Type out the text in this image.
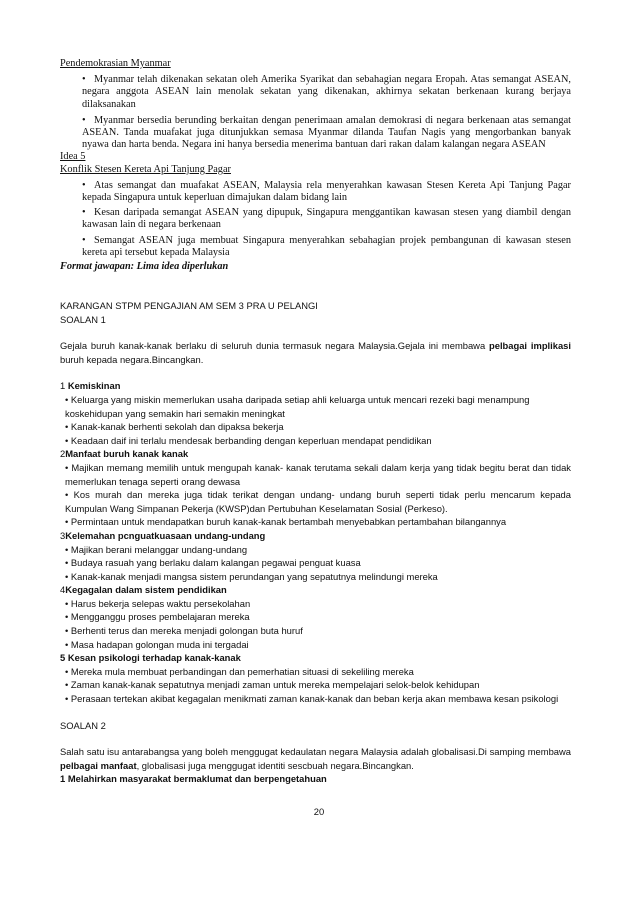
Pendemokrasian Myanmar
• Myanmar telah dikenakan sekatan oleh Amerika Syarikat dan sebahagian negara Eropah. Atas semangat ASEAN, negara anggota ASEAN lain menolak sekatan yang dikenakan, akhirnya sekatan berkenaan kurang berjaya dilaksanakan
• Myanmar bersedia berunding berkaitan dengan penerimaan amalan demokrasi di negara berkenaan atas semangat ASEAN. Tanda muafakat juga ditunjukkan semasa Myanmar dilanda Taufan Nagis yang mengorbankan banyak nyawa dan harta benda. Negara ini hanya bersedia menerima bantuan dari rakan dalam kalangan negara ASEAN
Idea 5
Konflik Stesen Kereta Api Tanjung Pagar
• Atas semangat dan muafakat ASEAN, Malaysia rela menyerahkan kawasan Stesen Kereta Api Tanjung Pagar kepada Singapura untuk keperluan dimajukan dalam bidang lain
• Kesan daripada semangat ASEAN yang dipupuk, Singapura menggantikan kawasan stesen yang diambil dengan kawasan lain di negara berkenaan
• Semangat ASEAN juga membuat Singapura menyerahkan sebahagian projek pembangunan di kawasan stesen kereta api tersebut kepada Malaysia
Format jawapan: Lima idea diperlukan
KARANGAN STPM PENGAJIAN AM SEM 3 PRA U PELANGI
SOALAN 1
Gejala buruh kanak-kanak berlaku di seluruh dunia termasuk negara Malaysia.Gejala ini membawa pelbagai implikasi buruh kepada negara.Bincangkan.
1 Kemiskinan
• Keluarga yang miskin memerlukan usaha daripada setiap ahli keluarga untuk mencari rezeki bagi menampung koskehidupan yang semakin hari semakin meningkat
• Kanak-kanak berhenti sekolah dan dipaksa bekerja
• Keadaan daif ini terlalu mendesak berbanding dengan keperluan mendapat pendidikan
2Manfaat buruh kanak kanak
• Majikan memang memilih untuk mengupah kanak- kanak terutama sekali dalam kerja yang tidak begitu berat dan tidak memerlukan tenaga seperti orang dewasa
• Kos murah dan mereka juga tidak terikat dengan undang- undang buruh seperti tidak perlu mencarum kepada Kumpulan Wang Simpanan Pekerja (KWSP)dan Pertubuhan Keselamatan Sosial (Perkeso).
• Permintaan untuk mendapatkan buruh kanak-kanak bertambah menyebabkan pertambahan bilangannya
3Kelemahan pcnguatkuasaan undang-undang
• Majikan berani melanggar undang-undang
• Budaya rasuah yang berlaku dalam kalangan pegawai penguat kuasa
• Kanak-kanak menjadi mangsa sistem perundangan yang sepatutnya melindungi mereka
4Kegagalan dalam sistem pendidikan
• Harus bekerja selepas waktu persekolahan
• Mengganggu proses pembelajaran mereka
• Berhenti terus dan mereka menjadi golongan buta huruf
• Masa hadapan golongan muda ini tergadai
5 Kesan psikologi terhadap kanak-kanak
• Mereka mula membuat perbandingan dan pemerhatian situasi di sekeliling mereka
• Zaman kanak-kanak sepatutnya menjadi zaman untuk mereka mempelajari selok-belok kehidupan
• Perasaan tertekan akibat kegagalan menikmati zaman kanak-kanak dan beban kerja akan membawa kesan psikologi
SOALAN 2
Salah satu isu antarabangsa yang boleh menggugat kedaulatan negara Malaysia adalah globalisasi.Di samping membawa pelbagai manfaat, globalisasi juga menggugat identiti sescbuah negara.Bincangkan.
1 Melahirkan masyarakat bermaklumat dan berpengetahuan
20
